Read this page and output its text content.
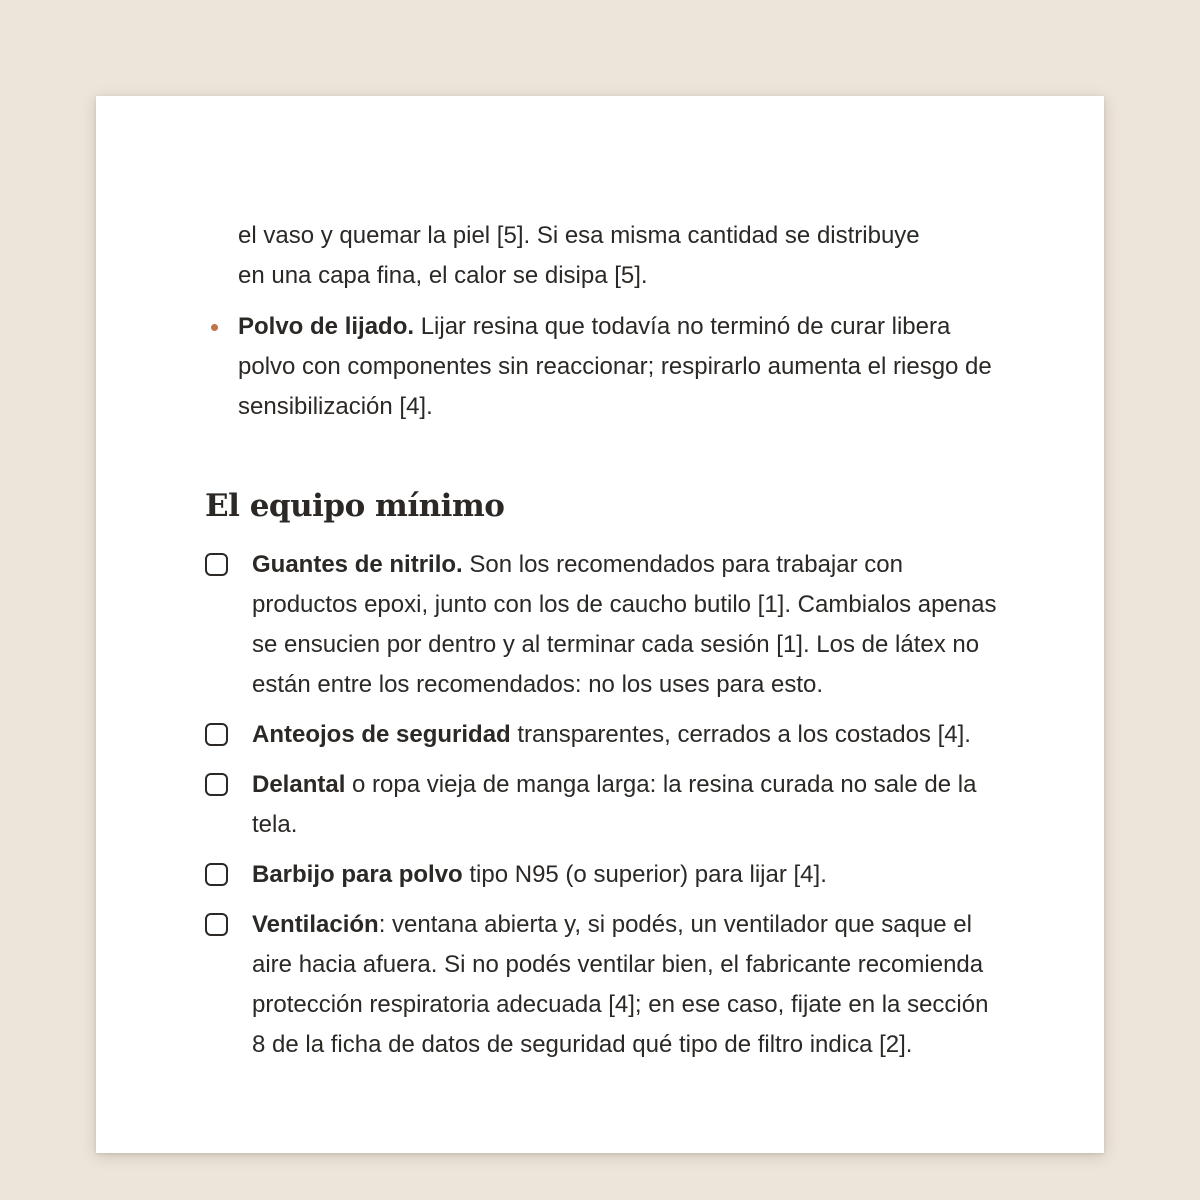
el vaso y quemar la piel [5]. Si esa misma cantidad se distribuye
en una capa fina, el calor se disipa [5].
Polvo de lijado. Lijar resina que todavía no terminó de curar libera polvo con componentes sin reaccionar; respirarlo aumenta el riesgo de sensibilización [4].
El equipo mínimo
Guantes de nitrilo. Son los recomendados para trabajar con productos epoxi, junto con los de caucho butilo [1]. Cambialos apenas se ensucien por dentro y al terminar cada sesión [1]. Los de látex no están entre los recomendados: no los uses para esto.
Anteojos de seguridad transparentes, cerrados a los costados [4].
Delantal o ropa vieja de manga larga: la resina curada no sale de la tela.
Barbijo para polvo tipo N95 (o superior) para lijar [4].
Ventilación: ventana abierta y, si podés, un ventilador que saque el aire hacia afuera. Si no podés ventilar bien, el fabricante recomienda protección respiratoria adecuada [4]; en ese caso, fijate en la sección 8 de la ficha de datos de seguridad qué tipo de filtro indica [2].
